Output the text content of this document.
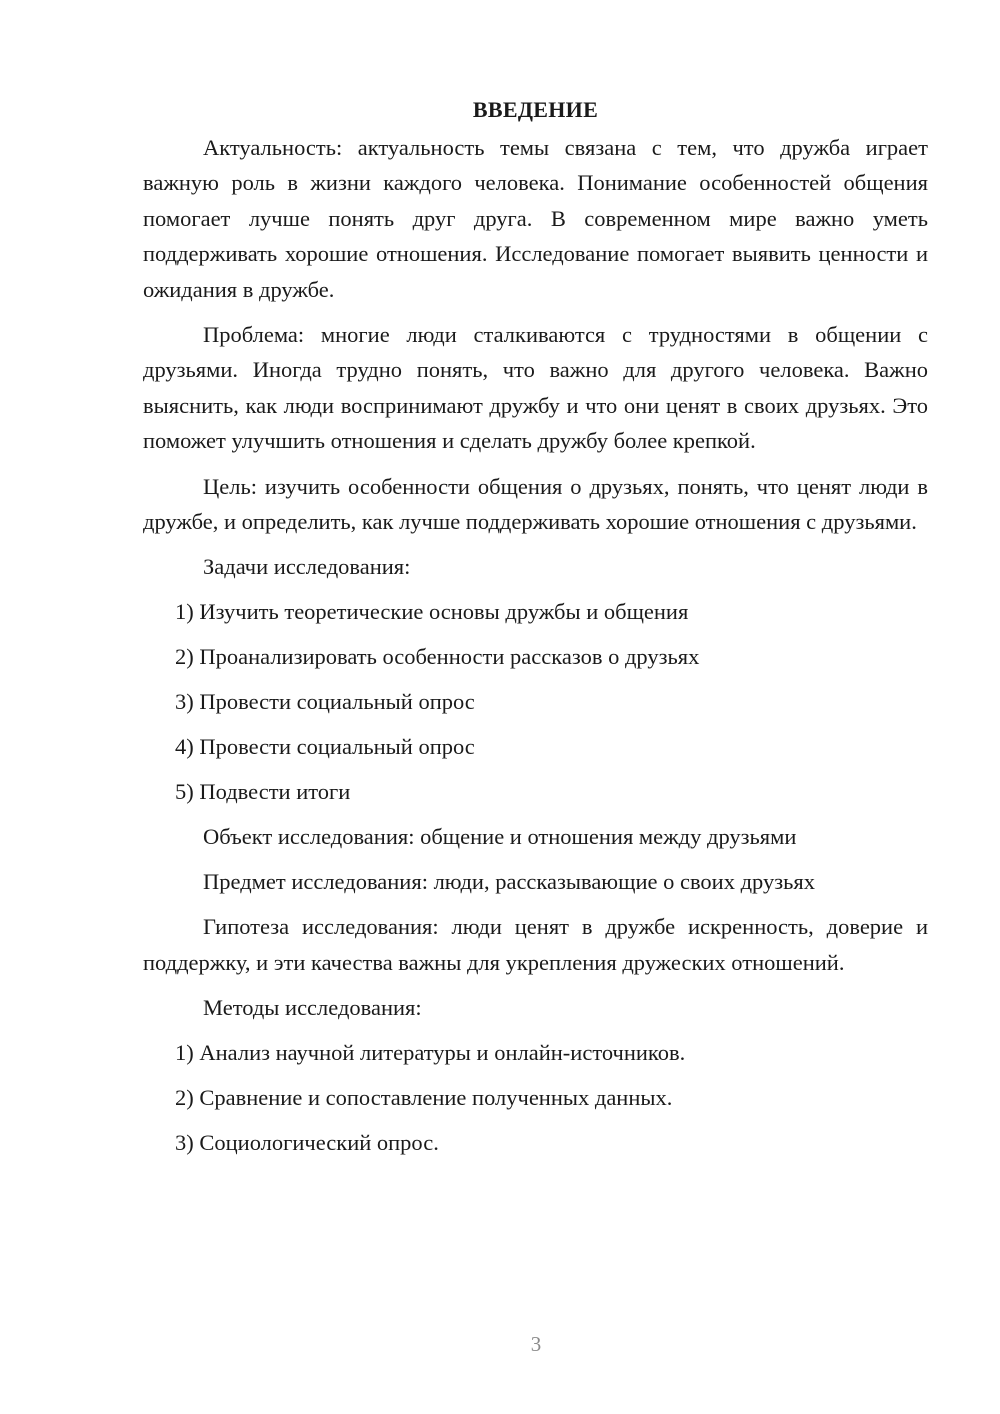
ВВЕДЕНИЕ

Актуальность: актуальность темы связана с тем, что дружба играет важную роль в жизни каждого человека. Понимание особенностей общения помогает лучше понять друг друга. В современном мире важно уметь поддерживать хорошие отношения. Исследование помогает выявить ценности и ожидания в дружбе.

Проблема: многие люди сталкиваются с трудностями в общении с друзьями. Иногда трудно понять, что важно для другого человека. Важно выяснить, как люди воспринимают дружбу и что они ценят в своих друзьях. Это поможет улучшить отношения и сделать дружбу более крепкой.

Цель: изучить особенности общения о друзьях, понять, что ценят люди в дружбе, и определить, как лучше поддерживать хорошие отношения с друзьями.

Задачи исследования:

1) Изучить теоретические основы дружбы и общения

2) Проанализировать особенности рассказов о друзьях

3) Провести социальный опрос

4) Провести социальный опрос

5) Подвести итоги

Объект исследования: общение и отношения между друзьями

Предмет исследования: люди, рассказывающие о своих друзьях

Гипотеза исследования: люди ценят в дружбе искренность, доверие и поддержку, и эти качества важны для укрепления дружеских отношений.

Методы исследования:

1) Анализ научной литературы и онлайн-источников.

2) Сравнение и сопоставление полученных данных.

3) Социологический опрос.

3
